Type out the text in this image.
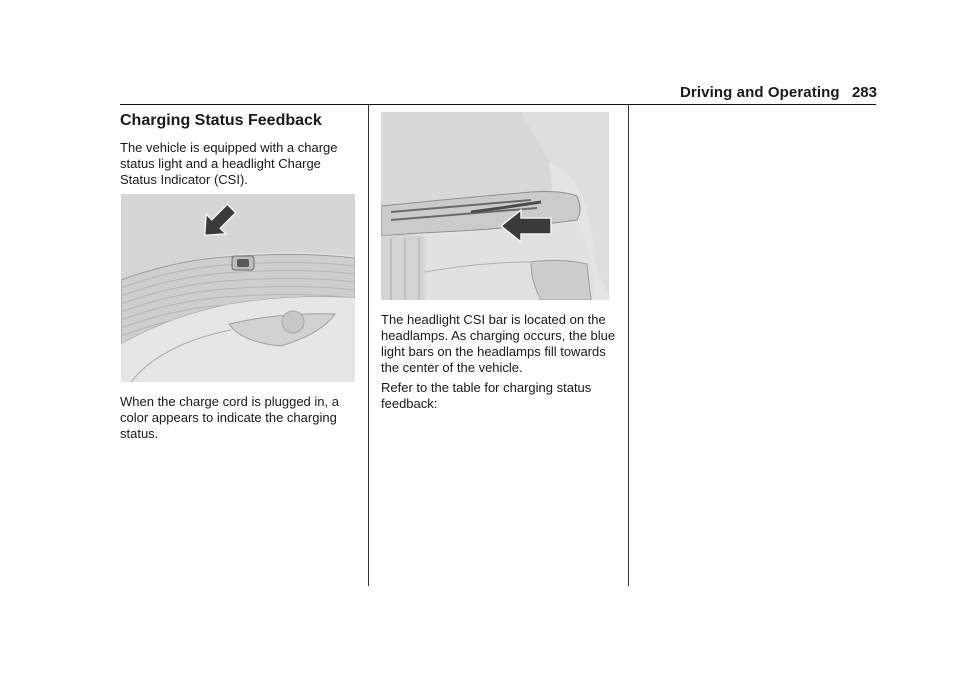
Driving and Operating 283
Charging Status Feedback

The vehicle is equipped with a charge status light and a headlight Charge Status Indicator (CSI).

When the charge cord is plugged in, a color appears to indicate the charging status.

The headlight CSI bar is located on the headlamps. As charging occurs, the blue light bars on the headlamps fill towards the center of the vehicle.

Refer to the table for charging status feedback:
